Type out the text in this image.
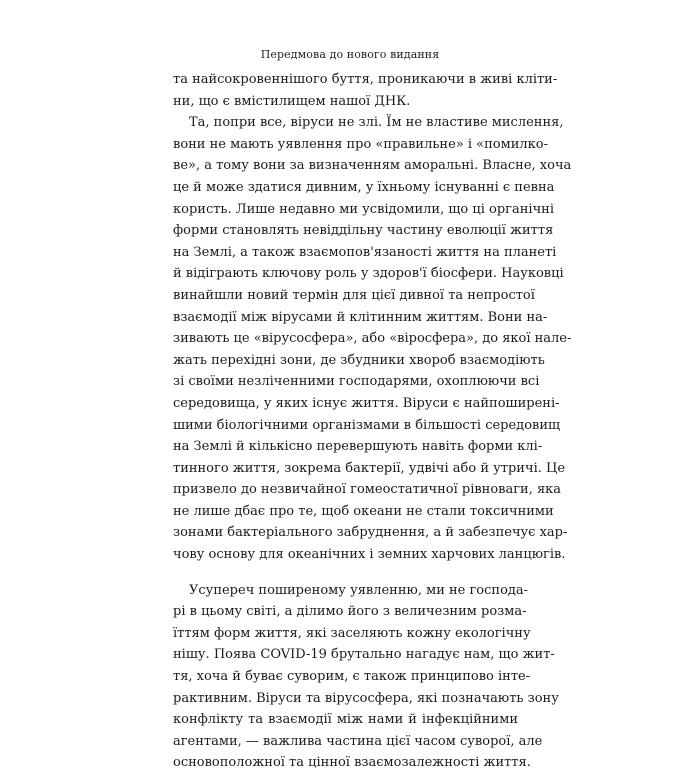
Передмова до нового видання
та найсокровеннішого буття, проникаючи в живі клiти-
ни, що є вмістилищем нашої ДНК.
Та, попри все, віруси не злі. Їм не властиве мислення,
вони не мають уявлення про «правильне» і «помилко-
ве», а тому вони за визначенням аморальні. Власне, хоча
це й може здатися дивним, у їхньому існуванні є певна
користь. Лише недавно ми усвідомили, що ці органічні
форми становлять невіддільну частину еволюції життя
на Землі, а також взаємопов'язаності життя на планеті
й відіграють ключову роль у здоров'ї біосфери. Науковці
винайшли новий термін для цієї дивної та непростої
взаємодії між вірусами й клітинним життям. Вони на-
зивають це «вірусосфера», або «віросфера», до якої нале-
жать перехідні зони, де збудники хвороб взаємодіють
зі своїми незліченними господарями, охоплюючи всі
середовища, у яких існує життя. Віруси є найпоширені-
шими біологічними організмами в більшості середовищ
на Землі й кількісно перевершують навіть форми клі-
тинного життя, зокрема бактерії, удвічі або й утричі. Це
призвело до незвичайної гомеостатичної рівноваги, яка
не лише дбає про те, щоб океани не стали токсичними
зонами бактеріального забруднення, а й забезпечує хар-
чову основу для океанічних і земних харчових ланцюгів.
Усупереч поширеному уявленню, ми не господа-
рі в цьому світі, а ділимо його з величезним розма-
їттям форм життя, які заселяють кожну екологічну
нішу. Поява COVID-19 брутально нагадує нам, що жит-
тя, хоча й буває суворим, є також принципово інте-
рактивним. Віруси та вірусосфера, які позначають зону
конфлікту та взаємодії між нами й інфекційними
агентами, — важлива частина цієї часом суворої, але
основоположної та цінної взаємозалежності життя.
